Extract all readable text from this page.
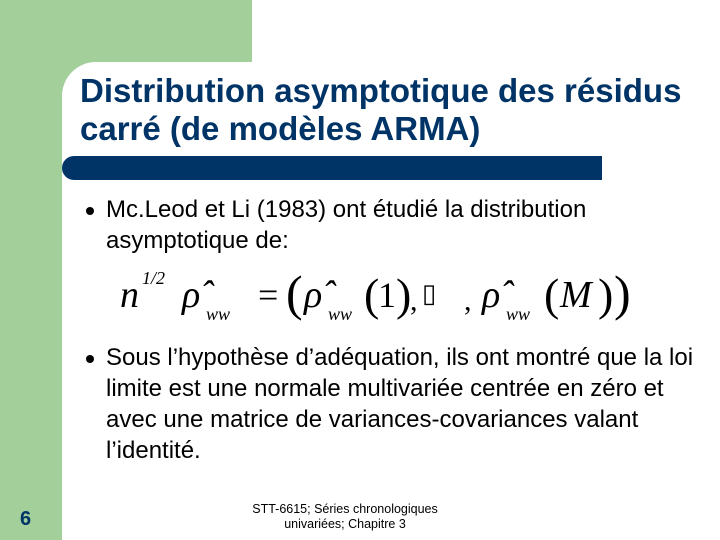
Distribution asymptotique des résidus carré (de modèles ARMA)
Mc.Leod et Li (1983) ont étudié la distribution asymptotique de:
n 1/2 ρ̂ ww = ( ρ̂ ww (
1 )
, ▯ , ρ̂ ww ( M ) )
Sous l’hypothèse d’adéquation, ils ont montré que la loi limite est une normale multivariée centrée en zéro et avec une matrice de variances-covariances valant l’identité.
6	STT-6615; Séries chronologiques
univariées; Chapitre 3
